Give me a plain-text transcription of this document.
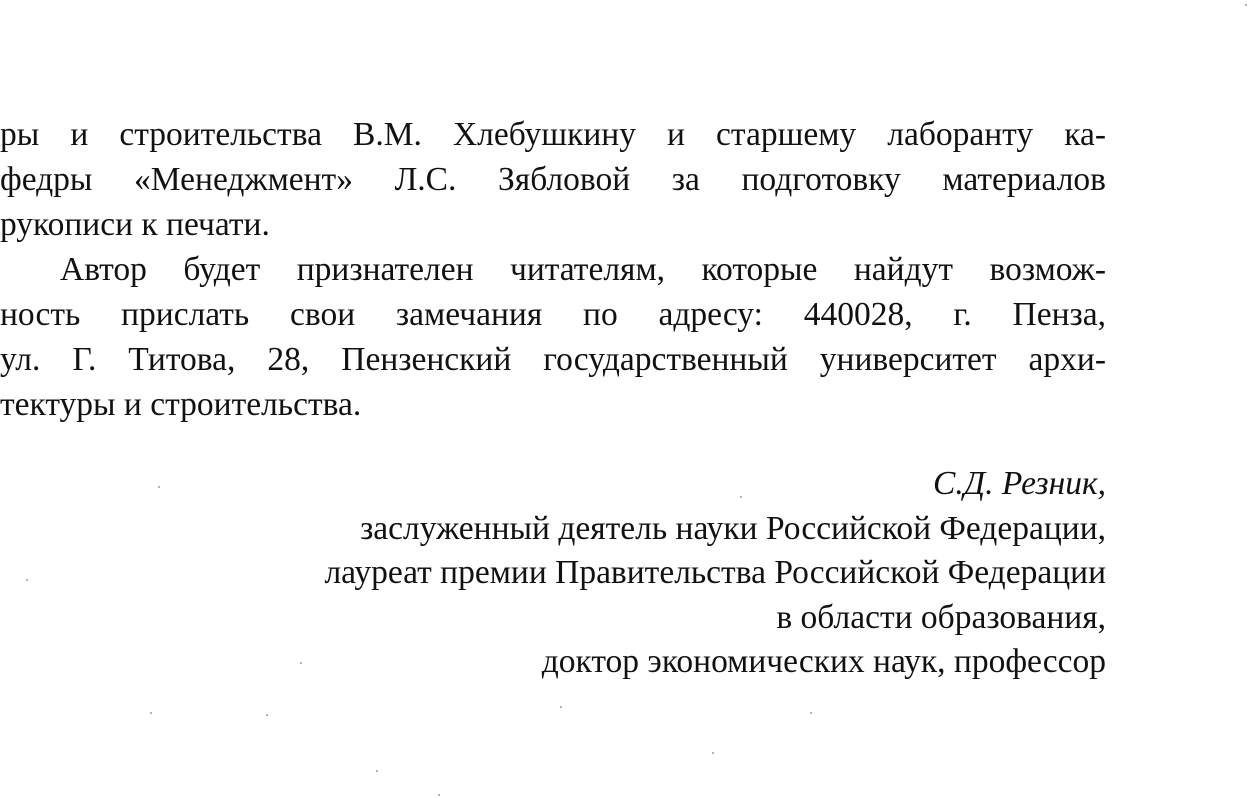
ры и строительства В.М. Хлебушкину и старшему лаборанту ка-
федры «Менеджмент» Л.С. Зябловой за подготовку материалов
рукописи к печати.
Автор будет признателен читателям, которые найдут возмож-
ность прислать свои замечания по адресу: 440028, г. Пенза,
ул. Г. Титова, 28, Пензенский государственный университет архи-
тектуры и строительства.
С.Д. Резник,
заслуженный деятель науки Российской Федерации,
лауреат премии Правительства Российской Федерации
в области образования,
доктор экономических наук, профессор
